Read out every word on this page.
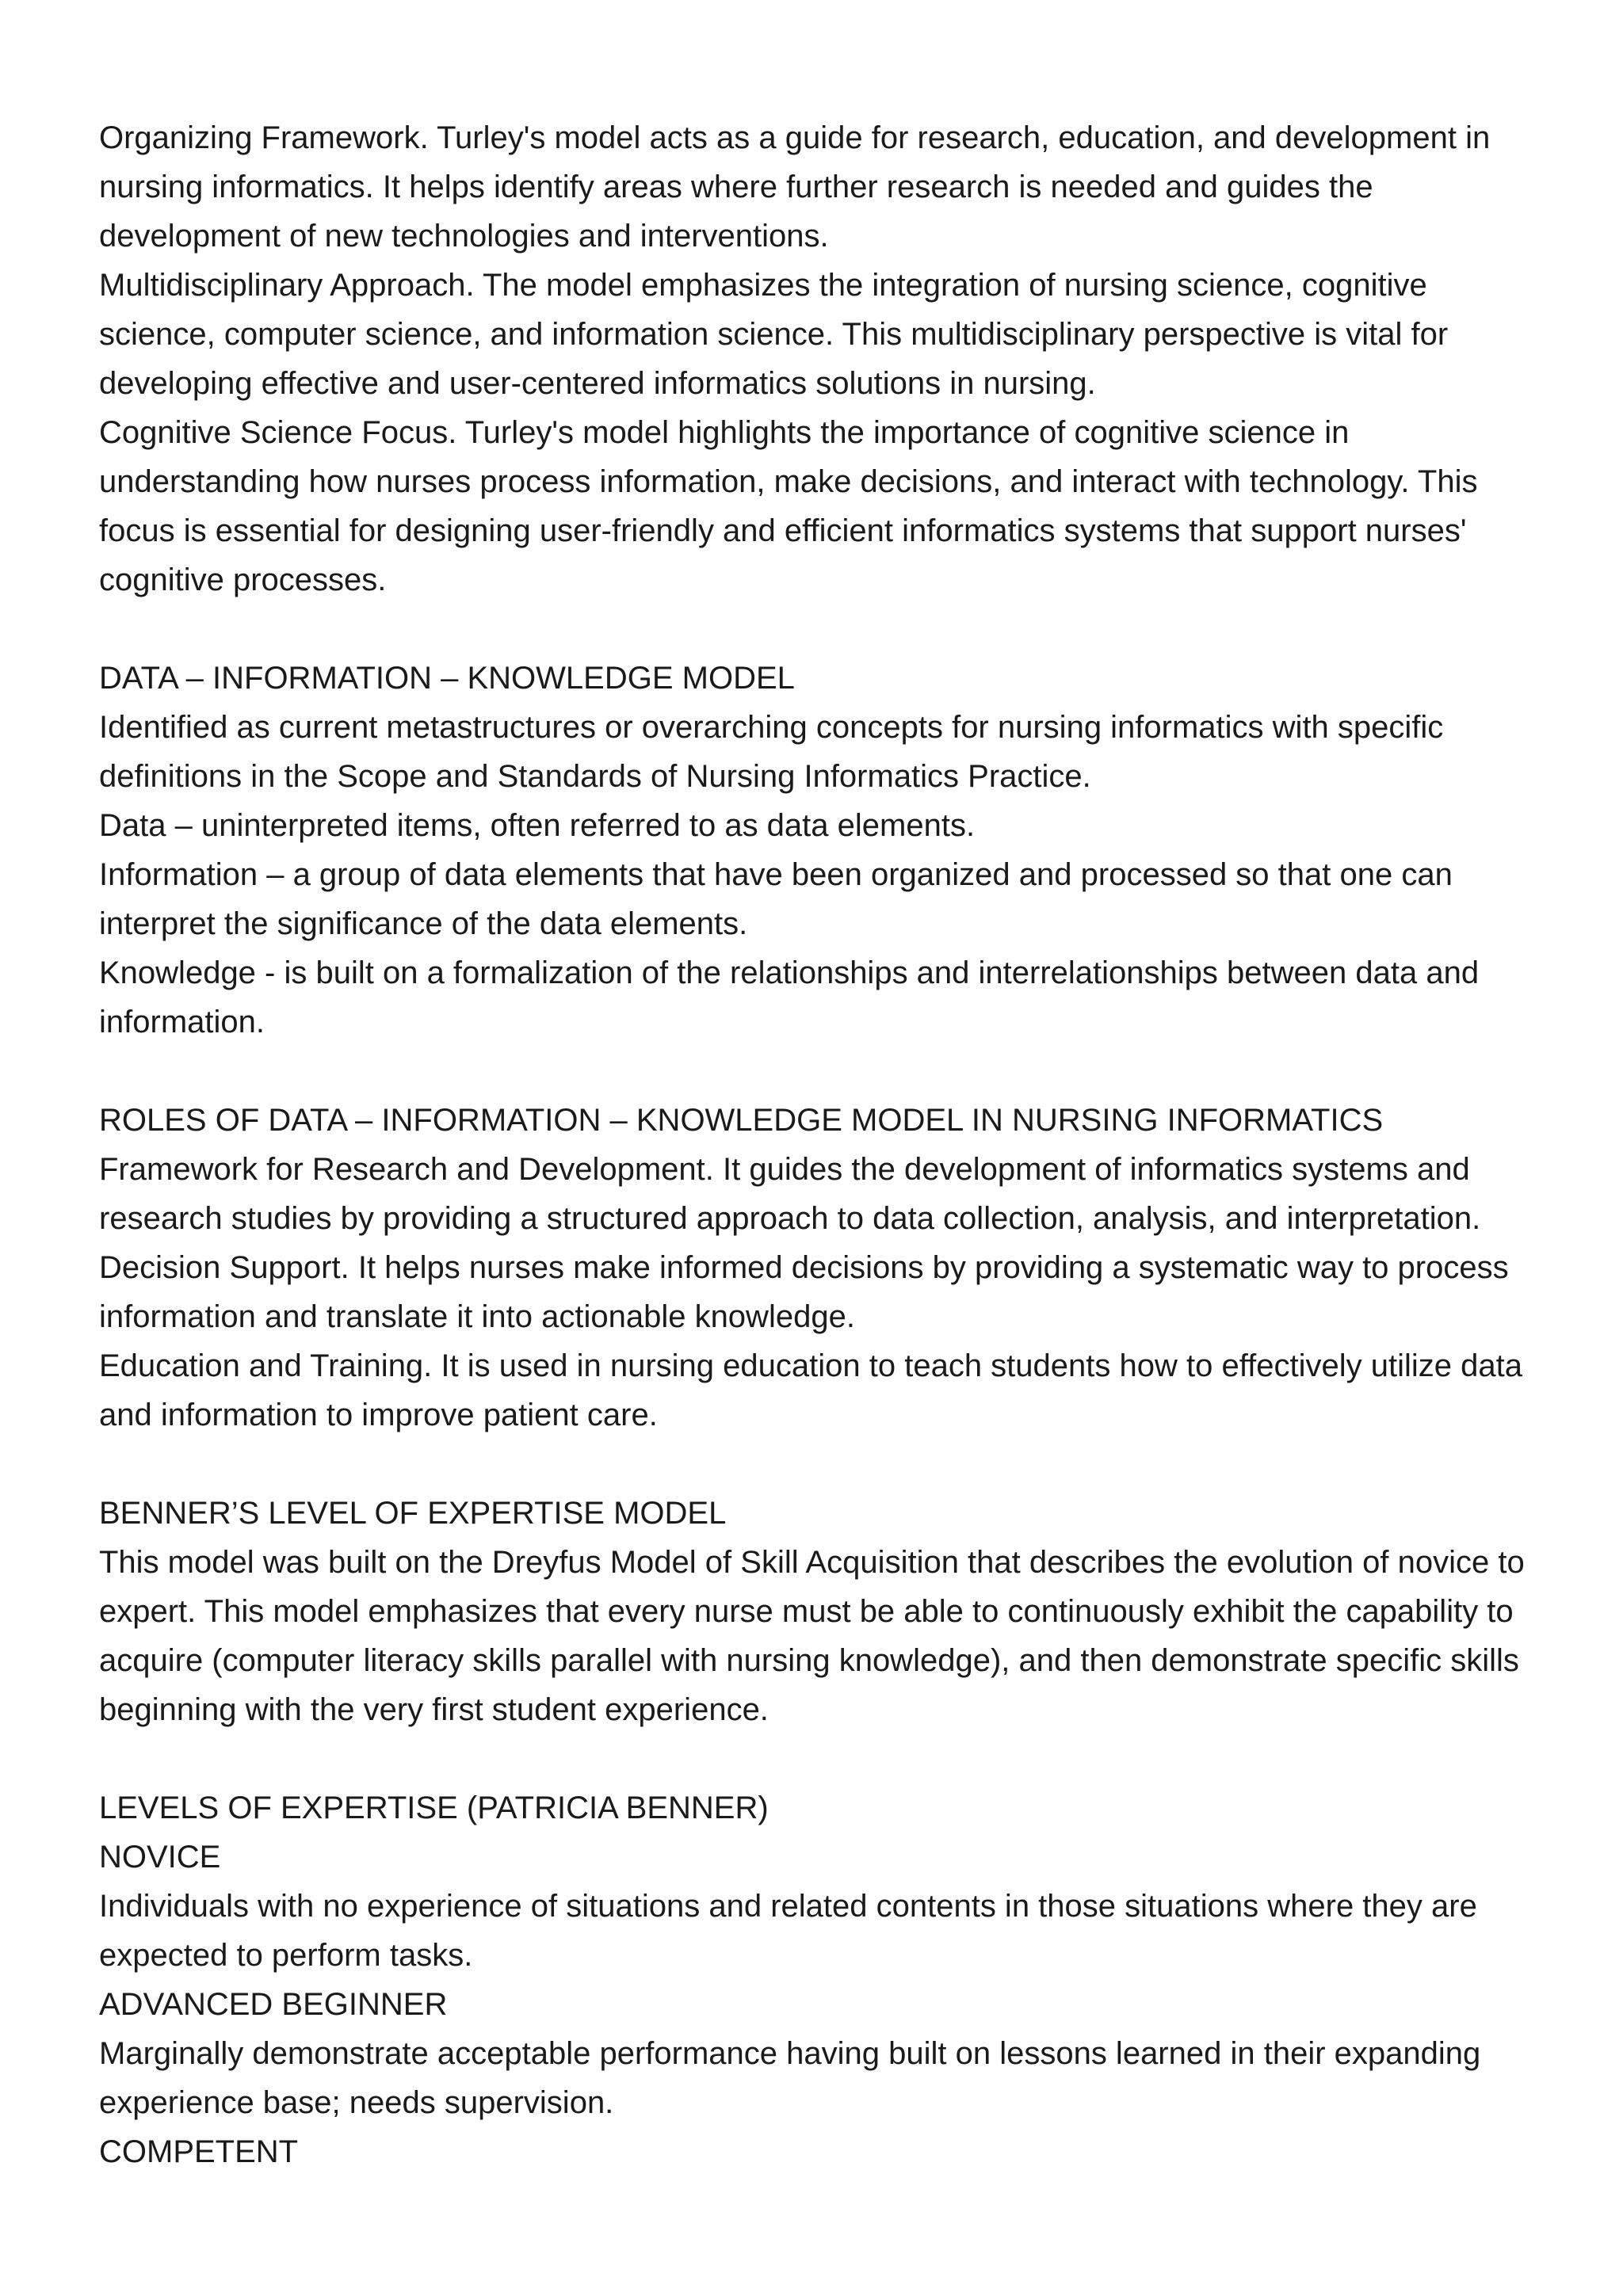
Organizing Framework. Turley's model acts as a guide for research, education, and development in nursing informatics. It helps identify areas where further research is needed and guides the development of new technologies and interventions.

Multidisciplinary Approach. The model emphasizes the integration of nursing science, cognitive science, computer science, and information science. This multidisciplinary perspective is vital for developing effective and user-centered informatics solutions in nursing.

Cognitive Science Focus. Turley's model highlights the importance of cognitive science in understanding how nurses process information, make decisions, and interact with technology. This focus is essential for designing user-friendly and efficient informatics systems that support nurses' cognitive processes.

DATA – INFORMATION – KNOWLEDGE MODEL

Identified as current metastructures or overarching concepts for nursing informatics with specific definitions in the Scope and Standards of Nursing Informatics Practice.

Data – uninterpreted items, often referred to as data elements.

Information – a group of data elements that have been organized and processed so that one can interpret the significance of the data elements.

Knowledge - is built on a formalization of the relationships and interrelationships between data and information.

ROLES OF DATA – INFORMATION – KNOWLEDGE MODEL IN NURSING INFORMATICS

Framework for Research and Development. It guides the development of informatics systems and research studies by providing a structured approach to data collection, analysis, and interpretation.

Decision Support. It helps nurses make informed decisions by providing a systematic way to process information and translate it into actionable knowledge.

Education and Training. It is used in nursing education to teach students how to effectively utilize data and information to improve patient care.

BENNER’S LEVEL OF EXPERTISE MODEL

This model was built on the Dreyfus Model of Skill Acquisition that describes the evolution of novice to expert. This model emphasizes that every nurse must be able to continuously exhibit the capability to acquire (computer literacy skills parallel with nursing knowledge), and then demonstrate specific skills beginning with the very first student experience.

LEVELS OF EXPERTISE (PATRICIA BENNER)

NOVICE

Individuals with no experience of situations and related contents in those situations where they are expected to perform tasks.

ADVANCED BEGINNER

Marginally demonstrate acceptable performance having built on lessons learned in their expanding experience base; needs supervision.

COMPETENT
